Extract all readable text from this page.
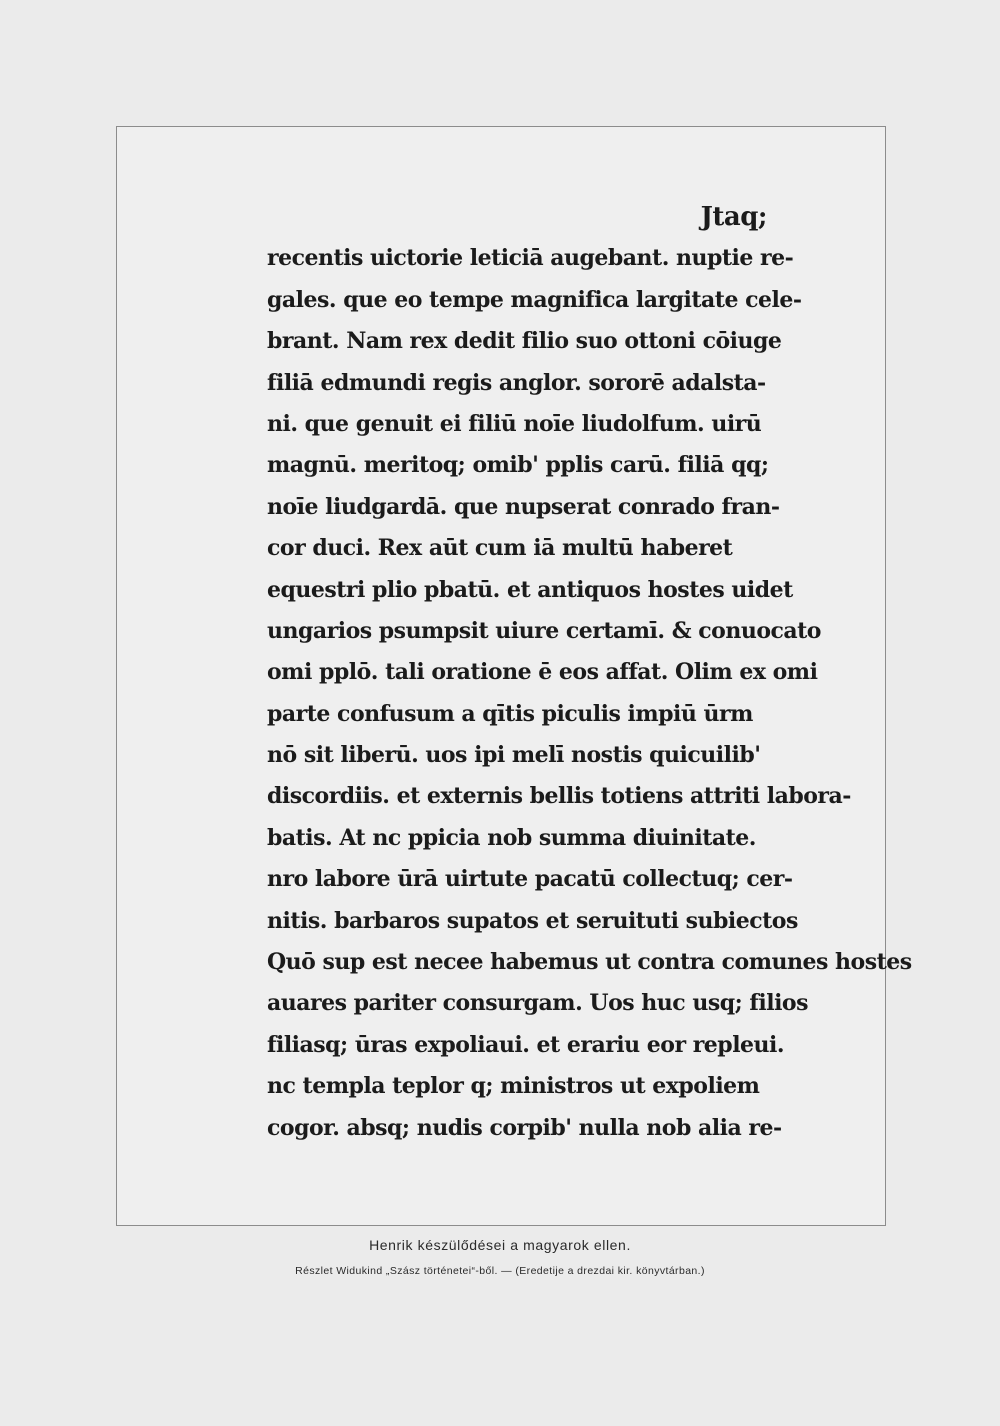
Jtaq;
recentis uictorie leticiā augebant. nuptie re-
gales. que eo tempe magnifica largitate cele-
brant. Nam rex dedit filio suo ottoni cōiuge
filiā edmundi regis anglor. sororē adalsta-
ni. que genuit ei filiū noīe liudolfum. uirū
magnū. meritoq; omib' pplis carū. filiā qq;
noīe liudgardā. que nupserat conrado fran-
cor duci. Rex aūt cum iā multū haberet
equestri plio pbatū. et antiquos hostes uidet
ungarios psumpsit uiure certamī. & conuocato
omi pplō. tali oratione ē eos affat. Olim ex omi
parte confusum a qītis piculis impiū ūrm
nō sit liberū. uos ipi melī nostis quicuilib'
discordiis. et externis bellis totiens attriti labora-
batis. At nc ppicia nob summa diuinitate.
nro labore ūrā uirtute pacatū collectuq; cer-
nitis. barbaros supatos et seruituti subiectos
Quō sup est necee habemus ut contra comunes hostes
auares pariter consurgam. Uos huc usq; filios
filiasq; ūras expoliaui. et erariu eor repleui.
nc templa teplor q; ministros ut expoliem
cogor. absq; nudis corpib' nulla nob alia re-
Henrik készülődései a magyarok ellen.
Részlet Widukind „Szász történetei“-ből. — (Eredetije a drezdai kir. könyvtárban.)
